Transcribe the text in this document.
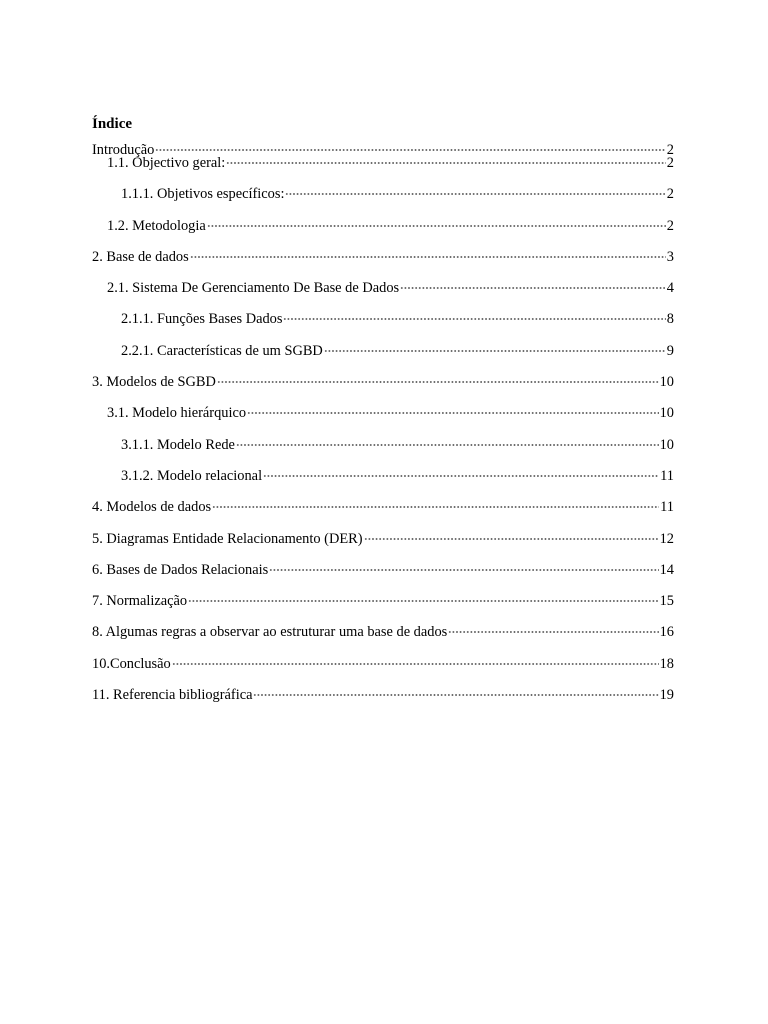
Índice
Introdução	2
1.1. Objectivo geral:	2
1.1.1. Objetivos específicos:	2
1.2. Metodologia	2
2. Base de dados	3
2.1. Sistema De Gerenciamento De Base de Dados	4
2.1.1. Funções Bases Dados	8
2.2.1. Características de um SGBD	9
3. Modelos de SGBD	10
3.1. Modelo hierárquico	10
3.1.1. Modelo Rede	10
3.1.2. Modelo relacional	11
4. Modelos de dados	11
5. Diagramas Entidade Relacionamento (DER)	12
6. Bases de Dados Relacionais	14
7. Normalização	15
8. Algumas regras a observar ao estruturar uma base de dados	16
10.Conclusão	18
11. Referencia bibliográfica	19
